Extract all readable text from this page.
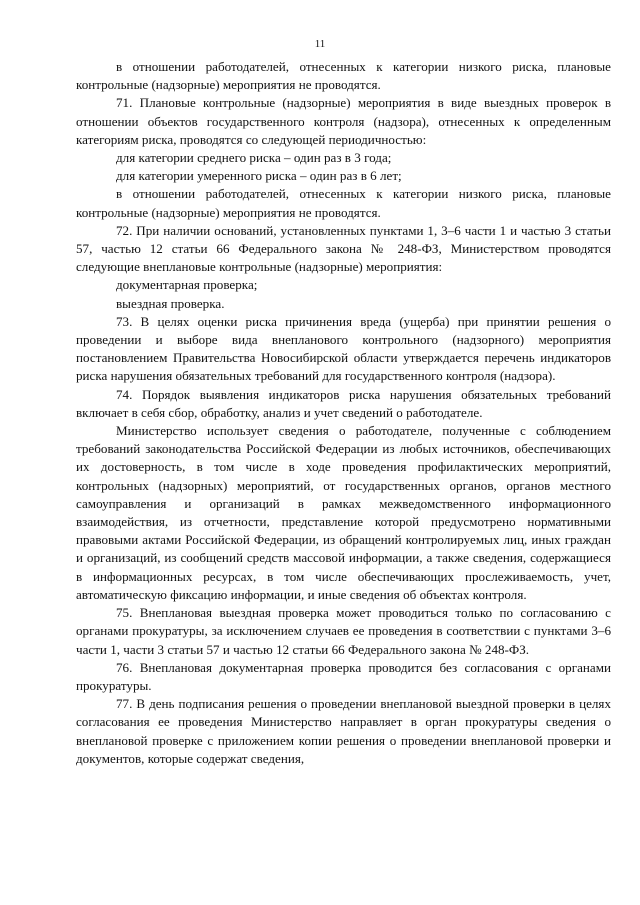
11

в отношении работодателей, отнесенных к категории низкого риска, плановые контрольные (надзорные) мероприятия не проводятся.

71. Плановые контрольные (надзорные) мероприятия в виде выездных проверок в отношении объектов государственного контроля (надзора), отнесенных к определенным категориям риска, проводятся со следующей периодичностью:

для категории среднего риска – один раз в 3 года;

для категории умеренного риска – один раз в 6 лет;

в отношении работодателей, отнесенных к категории низкого риска, плановые контрольные (надзорные) мероприятия не проводятся.

72. При наличии оснований, установленных пунктами 1, 3–6 части 1 и частью 3 статьи 57, частью 12 статьи 66 Федерального закона № 248-ФЗ, Министерством проводятся следующие внеплановые контрольные (надзорные) мероприятия:

документарная проверка;

выездная проверка.

73. В целях оценки риска причинения вреда (ущерба) при принятии решения о проведении и выборе вида внепланового контрольного (надзорного) мероприятия постановлением Правительства Новосибирской области утверждается перечень индикаторов риска нарушения обязательных требований для государственного контроля (надзора).

74. Порядок выявления индикаторов риска нарушения обязательных требований включает в себя сбор, обработку, анализ и учет сведений о работодателе.

Министерство использует сведения о работодателе, полученные с соблюдением требований законодательства Российской Федерации из любых источников, обеспечивающих их достоверность, в том числе в ходе проведения профилактических мероприятий, контрольных (надзорных) мероприятий, от государственных органов, органов местного самоуправления и организаций в рамках межведомственного информационного взаимодействия, из отчетности, представление которой предусмотрено нормативными правовыми актами Российской Федерации, из обращений контролируемых лиц, иных граждан и организаций, из сообщений средств массовой информации, а также сведения, содержащиеся в информационных ресурсах, в том числе обеспечивающих прослеживаемость, учет, автоматическую фиксацию информации, и иные сведения об объектах контроля.

75. Внеплановая выездная проверка может проводиться только по согласованию с органами прокуратуры, за исключением случаев ее проведения в соответствии с пунктами 3–6 части 1, части 3 статьи 57 и частью 12 статьи 66 Федерального закона № 248-ФЗ.

76. Внеплановая документарная проверка проводится без согласования с органами прокуратуры.

77. В день подписания решения о проведении внеплановой выездной проверки в целях согласования ее проведения Министерство направляет в орган прокуратуры сведения о внеплановой проверке с приложением копии решения о проведении внеплановой проверки и документов, которые содержат сведения,
